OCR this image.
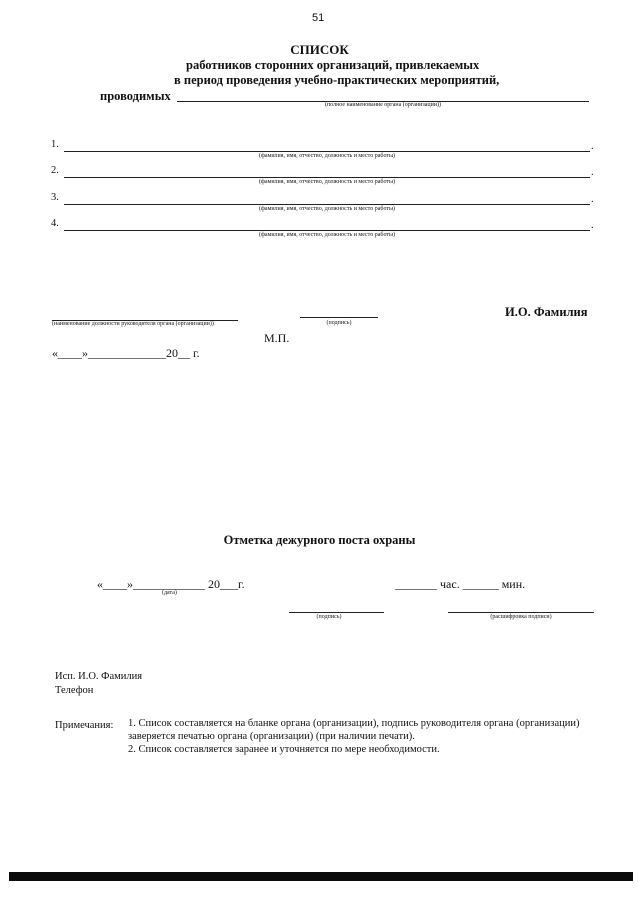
51
СПИСОК
работников сторонних организаций, привлекаемых
в период проведения учебно-практических мероприятий,
проводимых
(полное наименование органа (организации))
1.	.
(фамилия, имя, отчество, должность и место работы)
2.	.
(фамилия, имя, отчество, должность и место работы)
3.	.
(фамилия, имя, отчество, должность и место работы)
4.	.
(фамилия, имя, отчество, должность и место работы)
(наименование должности руководителя органа (организации))	(подпись)
И.О. Фамилия
М.П.
«____»_____________20__ г.
Отметка дежурного поста охраны
«____»____________ 20___г.
(дата)
_______ час. ______ мин.
(подпись)	(расшифровка подписи)
Исп. И.О. Фамилия
Телефон
Примечания: 1. Список составляется на бланке органа (организации), подпись руководителя органа (организации)
заверяется печатью органа (организации) (при наличии печати).
2. Список составляется заранее и уточняется по мере необходимости.
